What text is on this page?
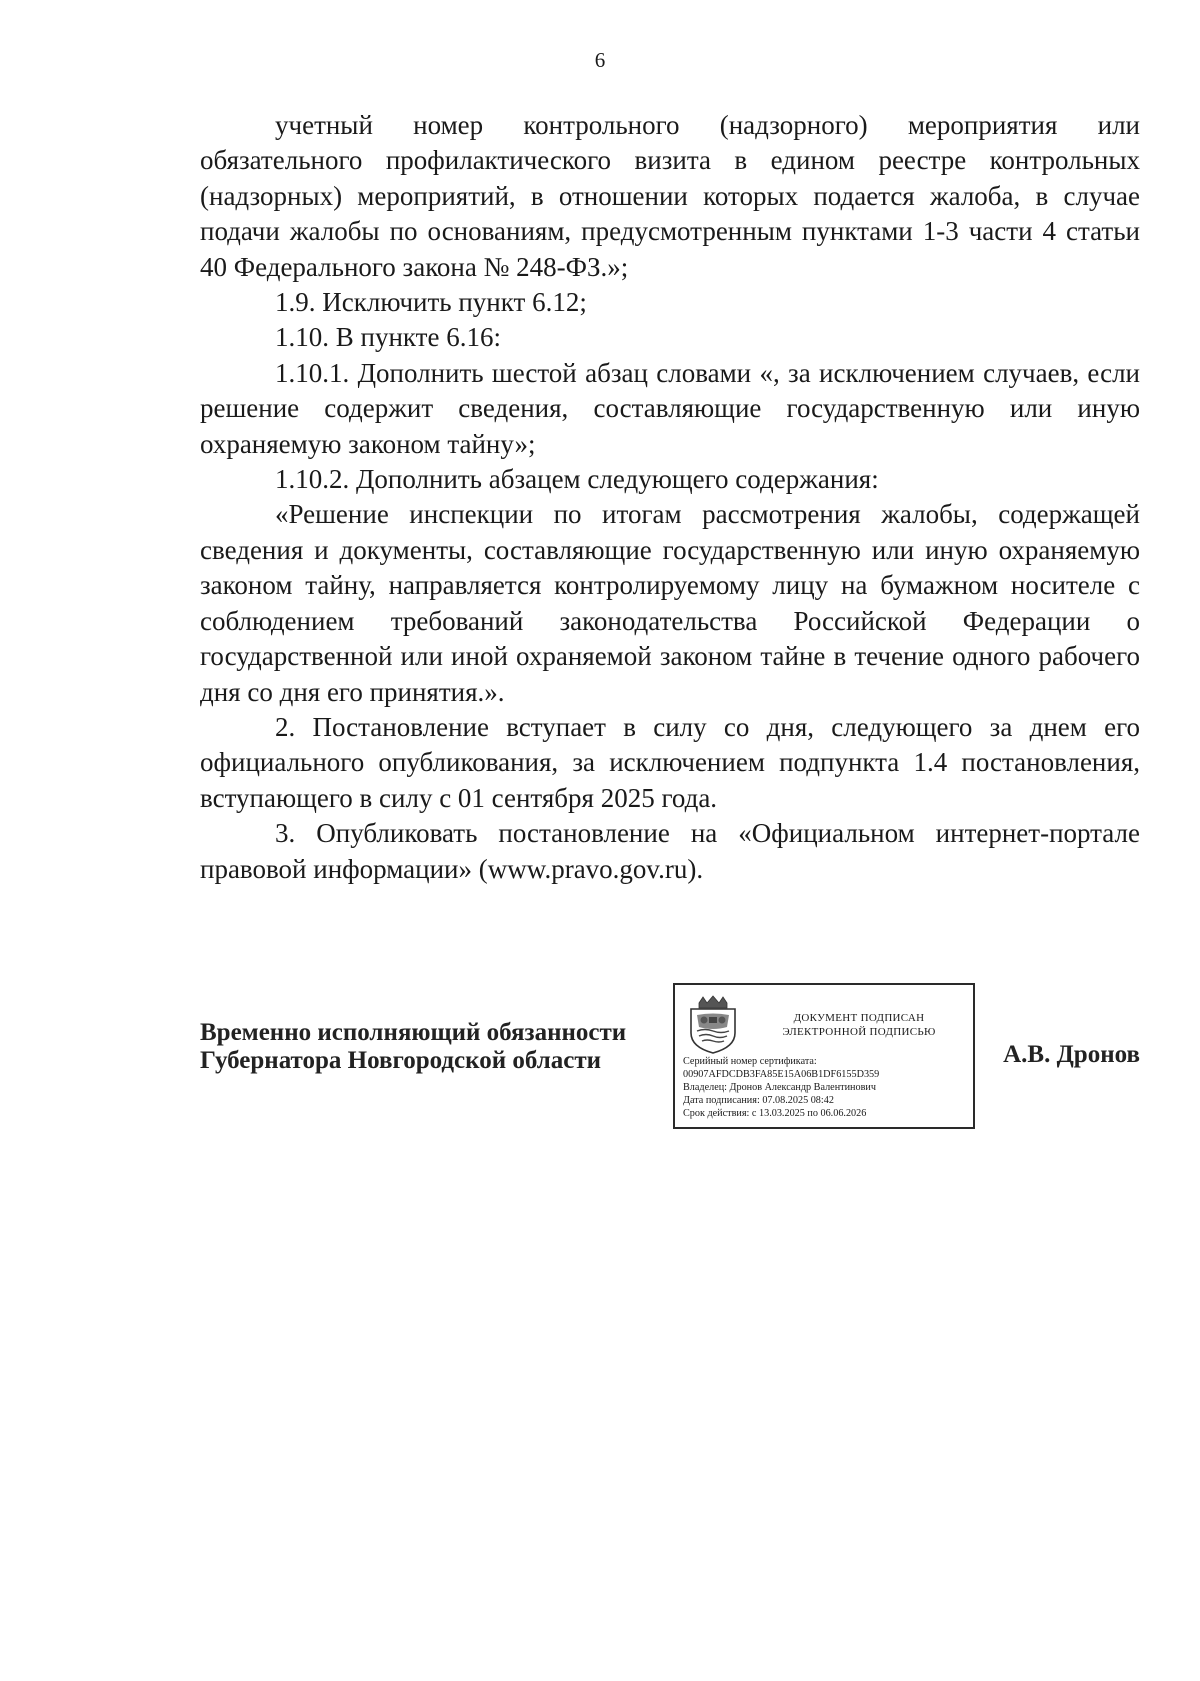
6

учетный номер контрольного (надзорного) мероприятия или обязательного профилактического визита в едином реестре контрольных (надзорных) мероприятий, в отношении которых подается жалоба, в случае подачи жалобы по основаниям, предусмотренным пунктами 1-3 части 4 статьи 40 Федерального закона № 248-ФЗ.»;

1.9. Исключить пункт 6.12;

1.10. В пункте 6.16:

1.10.1. Дополнить шестой абзац словами «, за исключением случаев, если решение содержит сведения, составляющие государственную или иную охраняемую законом тайну»;

1.10.2. Дополнить абзацем следующего содержания:

«Решение инспекции по итогам рассмотрения жалобы, содержащей сведения и документы, составляющие государственную или иную охраняемую законом тайну, направляется контролируемому лицу на бумажном носителе с соблюдением требований законодательства Российской Федерации о государственной или иной охраняемой законом тайне в течение одного рабочего дня со дня его принятия.».

2. Постановление вступает в силу со дня, следующего за днем его официального опубликования, за исключением подпункта 1.4 постановления, вступающего в силу с 01 сентября 2025 года.

3. Опубликовать постановление на «Официальном интернет-портале правовой информации» (www.pravo.gov.ru).

Временно исполняющий обязанности
Губернатора Новгородской области
ДОКУМЕНТ ПОДПИСАН
ЭЛЕКТРОННОЙ ПОДПИСЬЮ
Серийный номер сертификата:
00907AFDCDB3FA85E15A06B1DF6155D359
Владелец: Дронов Александр Валентинович
Дата подписания: 07.08.2025 08:42
Срок действия: с 13.03.2025 по 06.06.2026
А.В. Дронов
